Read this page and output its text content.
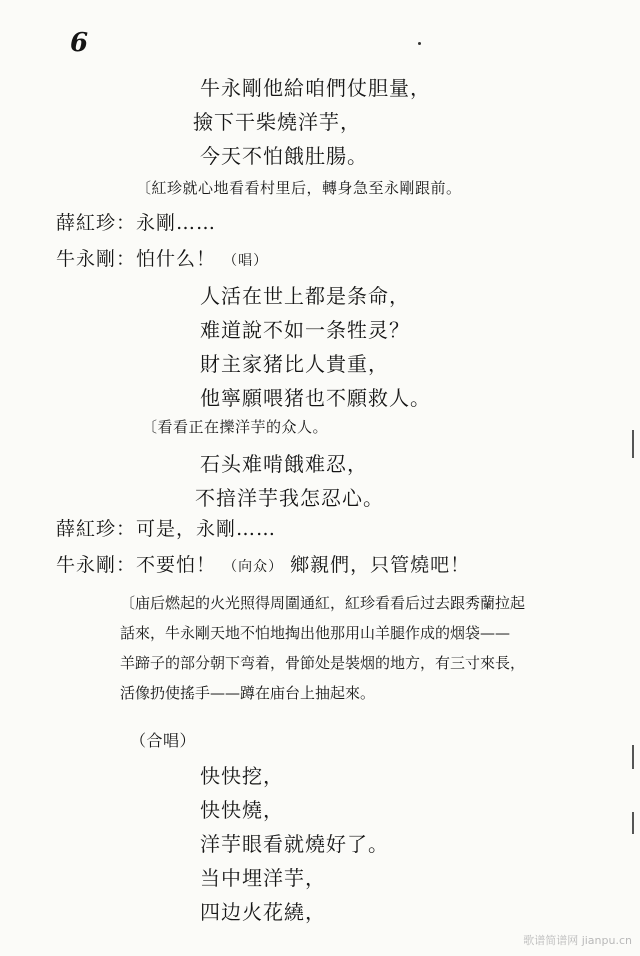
6
牛永剛他給咱們仗胆量，
撿下干柴燒洋芋，
今天不怕餓肚腸。
〔紅珍就心地看看村里后，轉身急至永剛跟前。
薛紅珍：永剛……
牛永剛：怕什么！ （唱）
人活在世上都是条命，
难道說不如一条牲灵？
財主家猪比人貴重，
他寧願喂猪也不願救人。
〔看看正在擽洋芋的众人。
石头难啃餓难忍，
不揞洋芋我怎忍心。
薛紅珍：可是，永剛……
牛永剛：不要怕！ （向众） 鄉親們，只管燒吧！

〔庙后燃起的火光照得周圍通紅，紅珍看看后过去跟秀蘭拉起

話來，牛永剛天地不怕地掏出他那用山羊腿作成的烟袋——

羊蹄子的部分朝下弯着，骨節处是裝烟的地方，有三寸來長，

活像扔使搖手——蹲在庙台上抽起來。

（合唱）
快快挖，
快快燒，
洋芋眼看就燒好了。
当中埋洋芋，
四边火花繞，
歌谱简谱网 jianpu.cn
